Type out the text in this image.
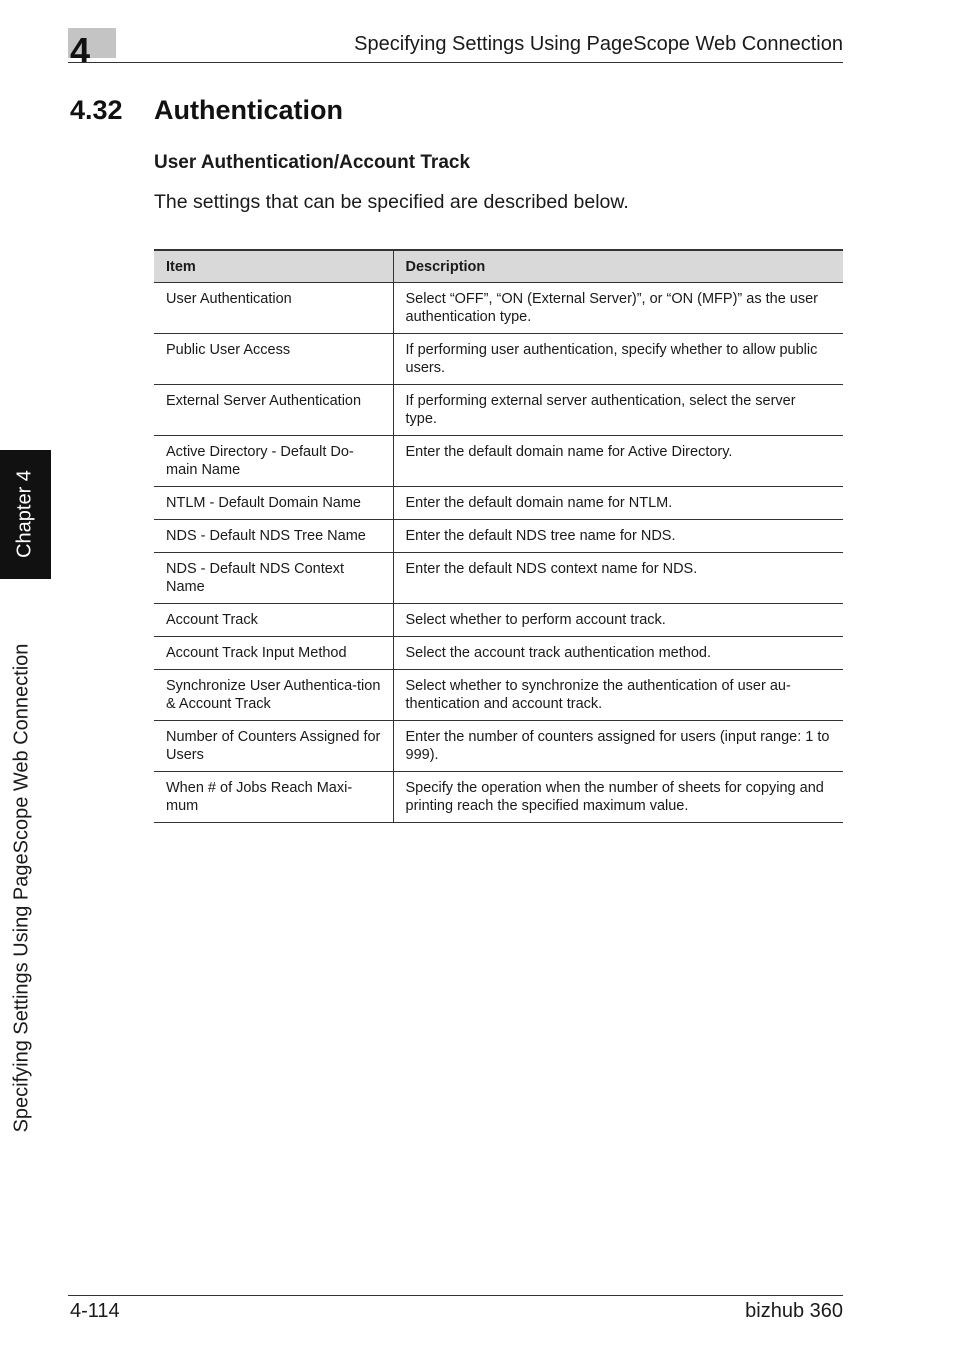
4	Specifying Settings Using PageScope Web Connection
4.32 Authentication
User Authentication/Account Track
The settings that can be specified are described below.
Item	Description
User Authentication	Select “OFF”, “ON (External Server)”, or “ON (MFP)” as the user authentication type.
Public User Access	If performing user authentication, specify whether to allow public users.
External Server Authentication	If performing external server authentication, select the server type.
Active Directory - Default Do-main Name	Enter the default domain name for Active Directory.
NTLM - Default Domain Name	Enter the default domain name for NTLM.
NDS - Default NDS Tree Name	Enter the default NDS tree name for NDS.
NDS - Default NDS Context Name	Enter the default NDS context name for NDS.
Account Track	Select whether to perform account track.
Account Track Input Method	Select the account track authentication method.
Synchronize User Authentica-tion & Account Track	Select whether to synchronize the authentication of user au-thentication and account track.
Number of Counters Assigned for Users	Enter the number of counters assigned for users (input range: 1 to 999).
When # of Jobs Reach Maxi-mum	Specify the operation when the number of sheets for copying and printing reach the specified maximum value.
Chapter 4
Specifying Settings Using PageScope Web Connection
4-114	bizhub 360
